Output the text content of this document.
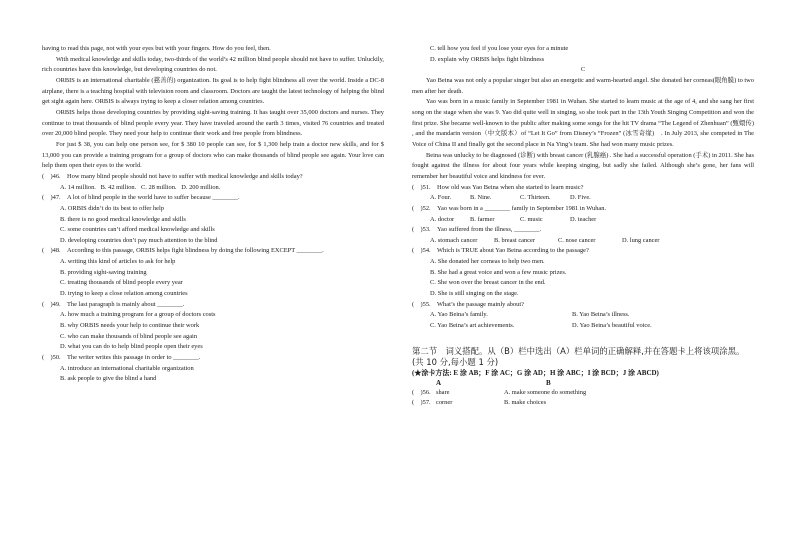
having to read this page, not with your eyes but with your fingers. How do you feel, then.
With medical knowledge and skills today, two-thirds of the world’s 42 million blind people should not have to suffer. Unluckily, rich countries have this knowledge, but developing countries do not.
ORBIS is an international charitable (慈善的) organization. Its goal is to help fight blindness all over the world. Inside a DC-8 airplane, there is a teaching hospital with television room and classroom. Doctors are taught the latest technology of helping the blind get sight again here. ORBIS is always trying to keep a closer relation among countries.
ORBIS helps those developing countries by providing sight-saving training. It has taught over 35,000 doctors and nurses. They continue to treat thousands of blind people every year. They have traveled around the earth 3 times, visited 76 countries and treated over 20,000 blind people. They need your help to continue their work and free people from blindness.
For just $ 38, you can help one person see, for $ 380 10 people can see, for $ 1,300 help train a doctor new skills, and for $ 13,000 you can provide a training program for a group of doctors who can make thousands of blind people see again. Your love can help them open their eyes to the world.
(　)46.　How many blind people should not have to suffer with medical knowledge and skills today?
A. 14 million. B. 42 million. C. 28 million. D. 200 million.
(　)47.　A lot of blind people in the world have to suffer because ________.
A. ORBIS didn’t do its best to offer help
B. there is no good medical knowledge and skills
C. some countries can’t afford medical knowledge and skills
D. developing countries don’t pay much attention to the blind
(　)48.　According to this passage, ORBIS helps fight blindness by doing the following EXCEPT ________.
A. writing this kind of articles to ask for help
B. providing sight-saving training
C. treating thousands of blind people every year
D. trying to keep a close relation among countries
(　)49.　The last paragraph is mainly about ________.
A. how much a training program for a group of doctors costs
B. why ORBIS needs your help to continue their work
C. who can make thousands of blind people see again
D. what you can do to help blind people open their eyes
(　)50.　The writer writes this passage in order to ________.
A. introduce an international charitable organization
B. ask people to give the blind a hand
C. tell how you feel if you lose your eyes for a minute
D. explain why ORBIS helps fight blindness
C
Yao Beina was not only a popular singer but also an energetic and warm-hearted angel. She donated her corneas(眼角膜) to two men after her death.
Yao was born in a music family in September 1981 in Wuhan. She started to learn music at the age of 4, and she sang her first song on the stage when she was 9. Yao did quite well in singing, so she took part in the 13th Youth Singing Competition and won the first prize. She became well-known to the public after making some songs for the hit TV drama “The Legend of Zhenhuan” (甄嬛传) , and the mandarin version（中文版本）of “Let It Go” from Disney’s “Frozen” (冰雪奇缘)　. In July 2013, she competed in The Voice of China II and finally got the second place in Na Ying’s team. She had won many music prizes.
Beina was unlucky to be diagnosed (诊断) with breast cancer (乳腺癌) . She had a successful operation (手术) in 2011. She has fought against the illness for about four years while keeping singing, but sadly she failed. Although she’s gone, her fans will remember her beautiful voice and kindness for ever.
(　)51.　How old was Yao Beina when she started to learn music?
A. Four.	B. Nine.	C. Thirteen.	D. Five.
(　)52.　Yao was born in a ________ family in September 1981 in Wuhan.
A. doctor	B. farmer	C. music	D. teacher
(　)53.　Yao suffered from the illness, ________.
A. stomach cancer	B. breast cancer	C. nose cancer	D. lung cancer
(　)54.　Which is TRUE about Yao Beina according to the passage?
A. She donated her corneas to help two men.
B. She had a great voice and won a few music prizes.
C. She won over the breast cancer in the end.
D. She is still singing on the stage.
(　)55.　What’s the passage mainly about?
A. Yao Beina’s family.	B. Yao Beina’s illness.
C. Yao Beina’s art achievements.	D. Yao Beina’s beautiful voice.
第二节　词义搭配。从（B）栏中选出（A）栏单词的正确解释,并在答题卡上将该项涂黑。(共 10 分,每小题 1 分)
(★涂卡方法: E 涂 AB；F 涂 AC；G 涂 AD；H 涂 ABC；I 涂 BCD；J 涂 ABCD)
A	B
(　)56. share	A. make someone do something
(　)57. corner	B. make choices
